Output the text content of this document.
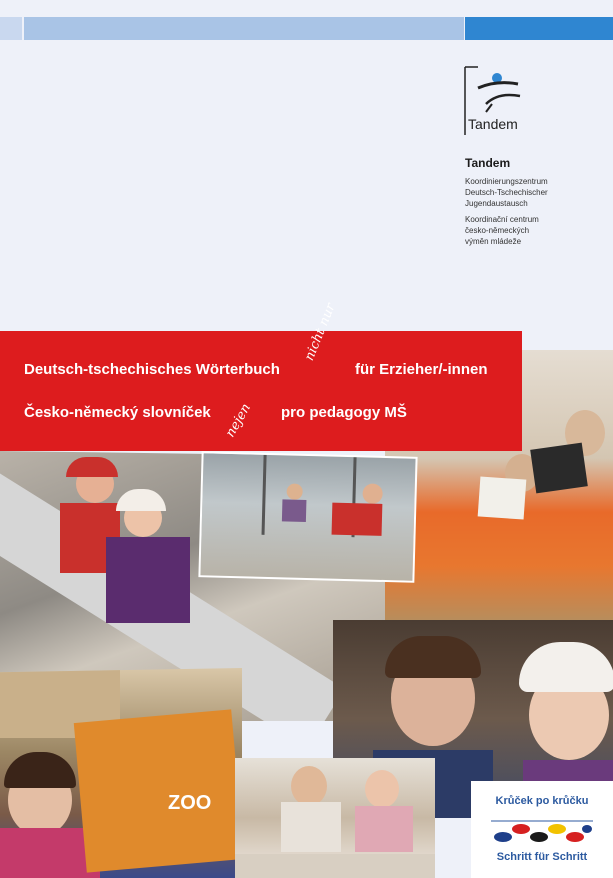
Tandem
Tandem
Koordinierungszentrum
Deutsch-Tschechischer
Jugendaustausch
Koordinační centrum
česko-německých
výměn mládeže
Deutsch-tschechisches Wörterbuch
nicht nur
für Erzieher/-innen
Česko-německý slovníček nejen pro pedagogy MŠ
ZOO	Krůček po krůčku
Schritt für Schritt
